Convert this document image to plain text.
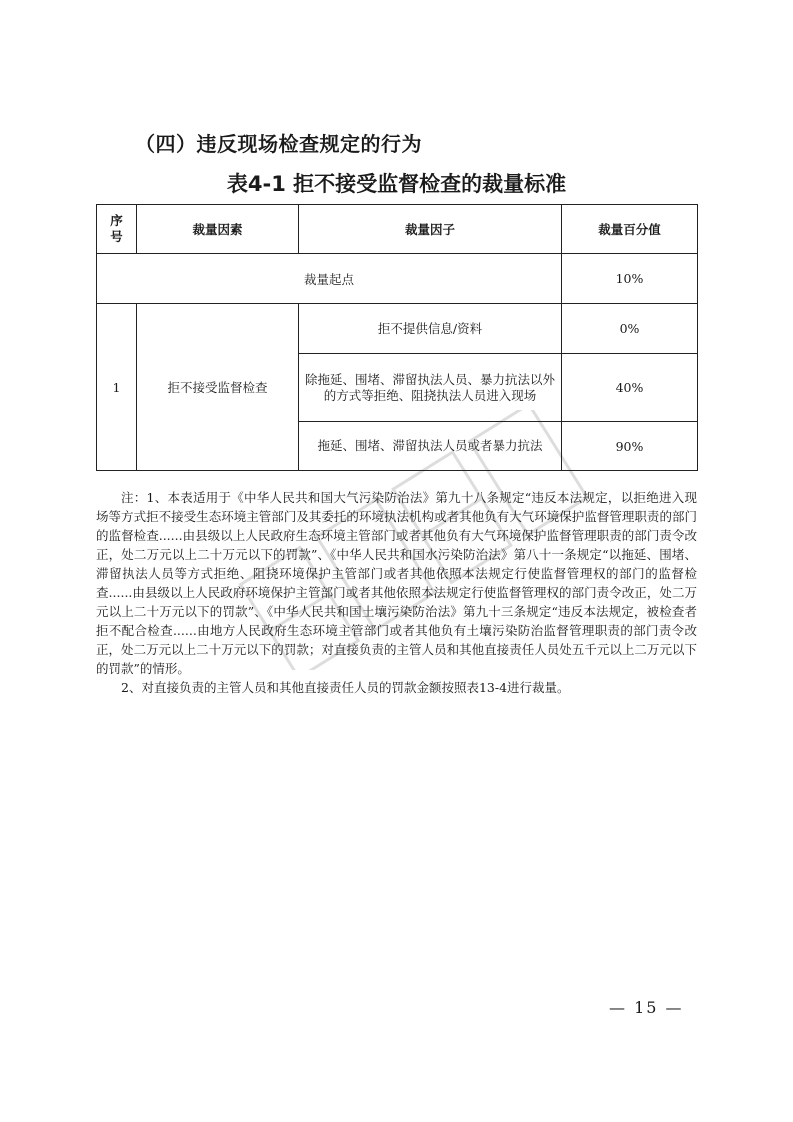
（四）违反现场检查规定的行为
表4-1 拒不接受监督检查的裁量标准
序号	裁量因素	裁量因子	裁量百分值
裁量起点			10%
1	拒不接受监督检查	拒不提供信息/资料	0%
		除拖延、围堵、滞留执法人员、暴力抗法以外的方式等拒绝、阻挠执法人员进入现场	40%
		拖延、围堵、滞留执法人员或者暴力抗法	90%

注：1、本表适用于《中华人民共和国大气污染防治法》第九十八条规定“违反本法规定，以拒绝进入现场等方式拒不接受生态环境主管部门及其委托的环境执法机构或者其他负有大气环境保护监督管理职责的部门的监督检查......由县级以上人民政府生态环境主管部门或者其他负有大气环境保护监督管理职责的部门责令改正，处二万元以上二十万元以下的罚款”、《中华人民共和国水污染防治法》第八十一条规定“以拖延、围堵、滞留执法人员等方式拒绝、阻挠环境保护主管部门或者其他依照本法规定行使监督管理权的部门的监督检查......由县级以上人民政府环境保护主管部门或者其他依照本法规定行使监督管理权的部门责令改正，处二万元以上二十万元以下的罚款”、《中华人民共和国土壤污染防治法》第九十三条规定“违反本法规定，被检查者拒不配合检查......由地方人民政府生态环境主管部门或者其他负有土壤污染防治监督管理职责的部门责令改正，处二万元以上二十万元以下的罚款；对直接负责的主管人员和其他直接责任人员处五千元以上二万元以下的罚款”的情形。

2、对直接负责的主管人员和其他直接责任人员的罚款金额按照表13-4进行裁量。

— 15 —
